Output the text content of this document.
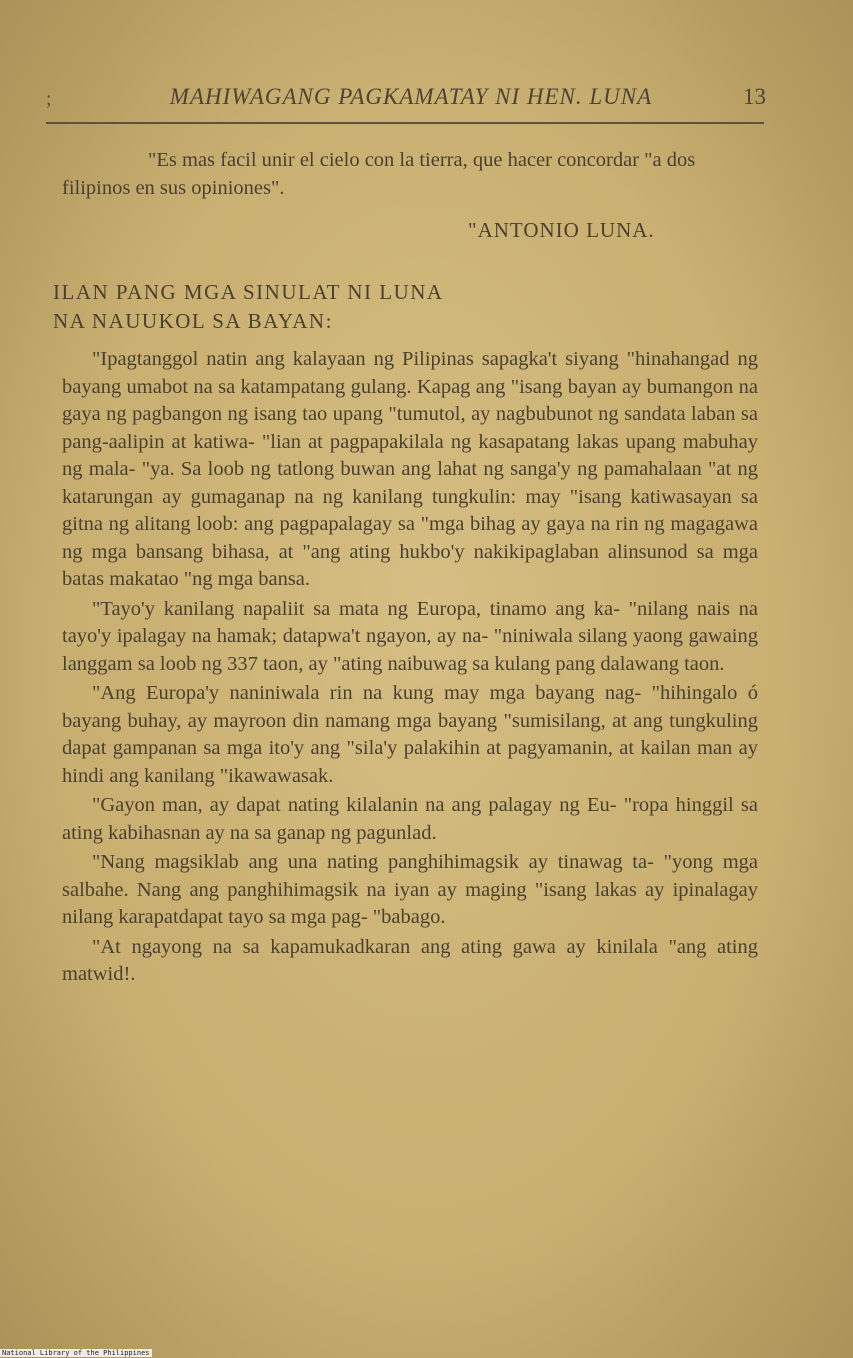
;	MAHIWAGANG PAGKAMATAY NI HEN. LUNA	13

"Es mas facil unir el cielo con la tierra, que hacer concordar "a dos filipinos en sus opiniones".

"ANTONIO LUNA.
ILAN PANG MGA SINULAT NI LUNA
NA NAUUKOL SA BAYAN:

"Ipagtanggol natin ang kalayaan ng Pilipinas sapagka't siyang "hinahangad ng bayang umabot na sa katampatang gulang. Kapag ang "isang bayan ay bumangon na gaya ng pagbangon ng isang tao upang "tumutol, ay nagbubunot ng sandata laban sa pang-aalipin at katiwa- "lian at pagpapakilala ng kasapatang lakas upang mabuhay ng mala- "ya. Sa loob ng tatlong buwan ang lahat ng sanga'y ng pamahalaan "at ng katarungan ay gumaganap na ng kanilang tungkulin: may "isang katiwasayan sa gitna ng alitang loob: ang pagpapalagay sa "mga bihag ay gaya na rin ng magagawa ng mga bansang bihasa, at "ang ating hukbo'y nakikipaglaban alinsunod sa mga batas makatao "ng mga bansa.

"Tayo'y kanilang napaliit sa mata ng Europa, tinamo ang ka- "nilang nais na tayo'y ipalagay na hamak; datapwa't ngayon, ay na- "niniwala silang yaong gawaing langgam sa loob ng 337 taon, ay "ating naibuwag sa kulang pang dalawang taon.

"Ang Europa'y naniniwala rin na kung may mga bayang nag- "hihingalo ó bayang buhay, ay mayroon din namang mga bayang "sumisilang, at ang tungkuling dapat gampanan sa mga ito'y ang "sila'y palakihin at pagyamanin, at kailan man ay hindi ang kanilang "ikawawasak.

"Gayon man, ay dapat nating kilalanin na ang palagay ng Eu- "ropa hinggil sa ating kabihasnan ay na sa ganap ng pagunlad.

"Nang magsiklab ang una nating panghihimagsik ay tinawag ta- "yong mga salbahe. Nang ang panghihimagsik na iyan ay maging "isang lakas ay ipinalagay nilang karapatdapat tayo sa mga pag- "babago.

"At ngayong na sa kapamukadkaran ang ating gawa ay kinilala "ang ating matwid!.

National Library of the Philippines
